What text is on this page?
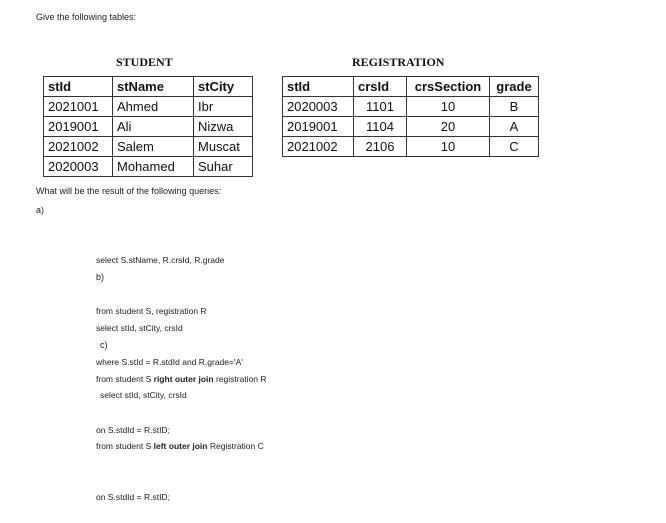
Give the following tables:
STUDENT
stId	stName	stCity
2021001	Ahmed	Ibr
2019001	Ali	Nizwa
2021002	Salem	Muscat
2020003	Mohamed	Suhar
REGISTRATION
stId	crsId	crsSection	grade
2020003	1101	10	B
2019001	1104	20	A
2021002	2106	10	C
What will be the result of the following queries:
a)

select S.stName, R.crsId, R.grade

from student S, registration R

where S.stId = R.stdId and R.grade='A'

b)

select stId, stCity, crsId

from student S right outer join registration R

on S.stdId = R.stID;

c)

select stId, stCity, crsId

from student S left outer join Registration C

on S.stdId = R.stID;
